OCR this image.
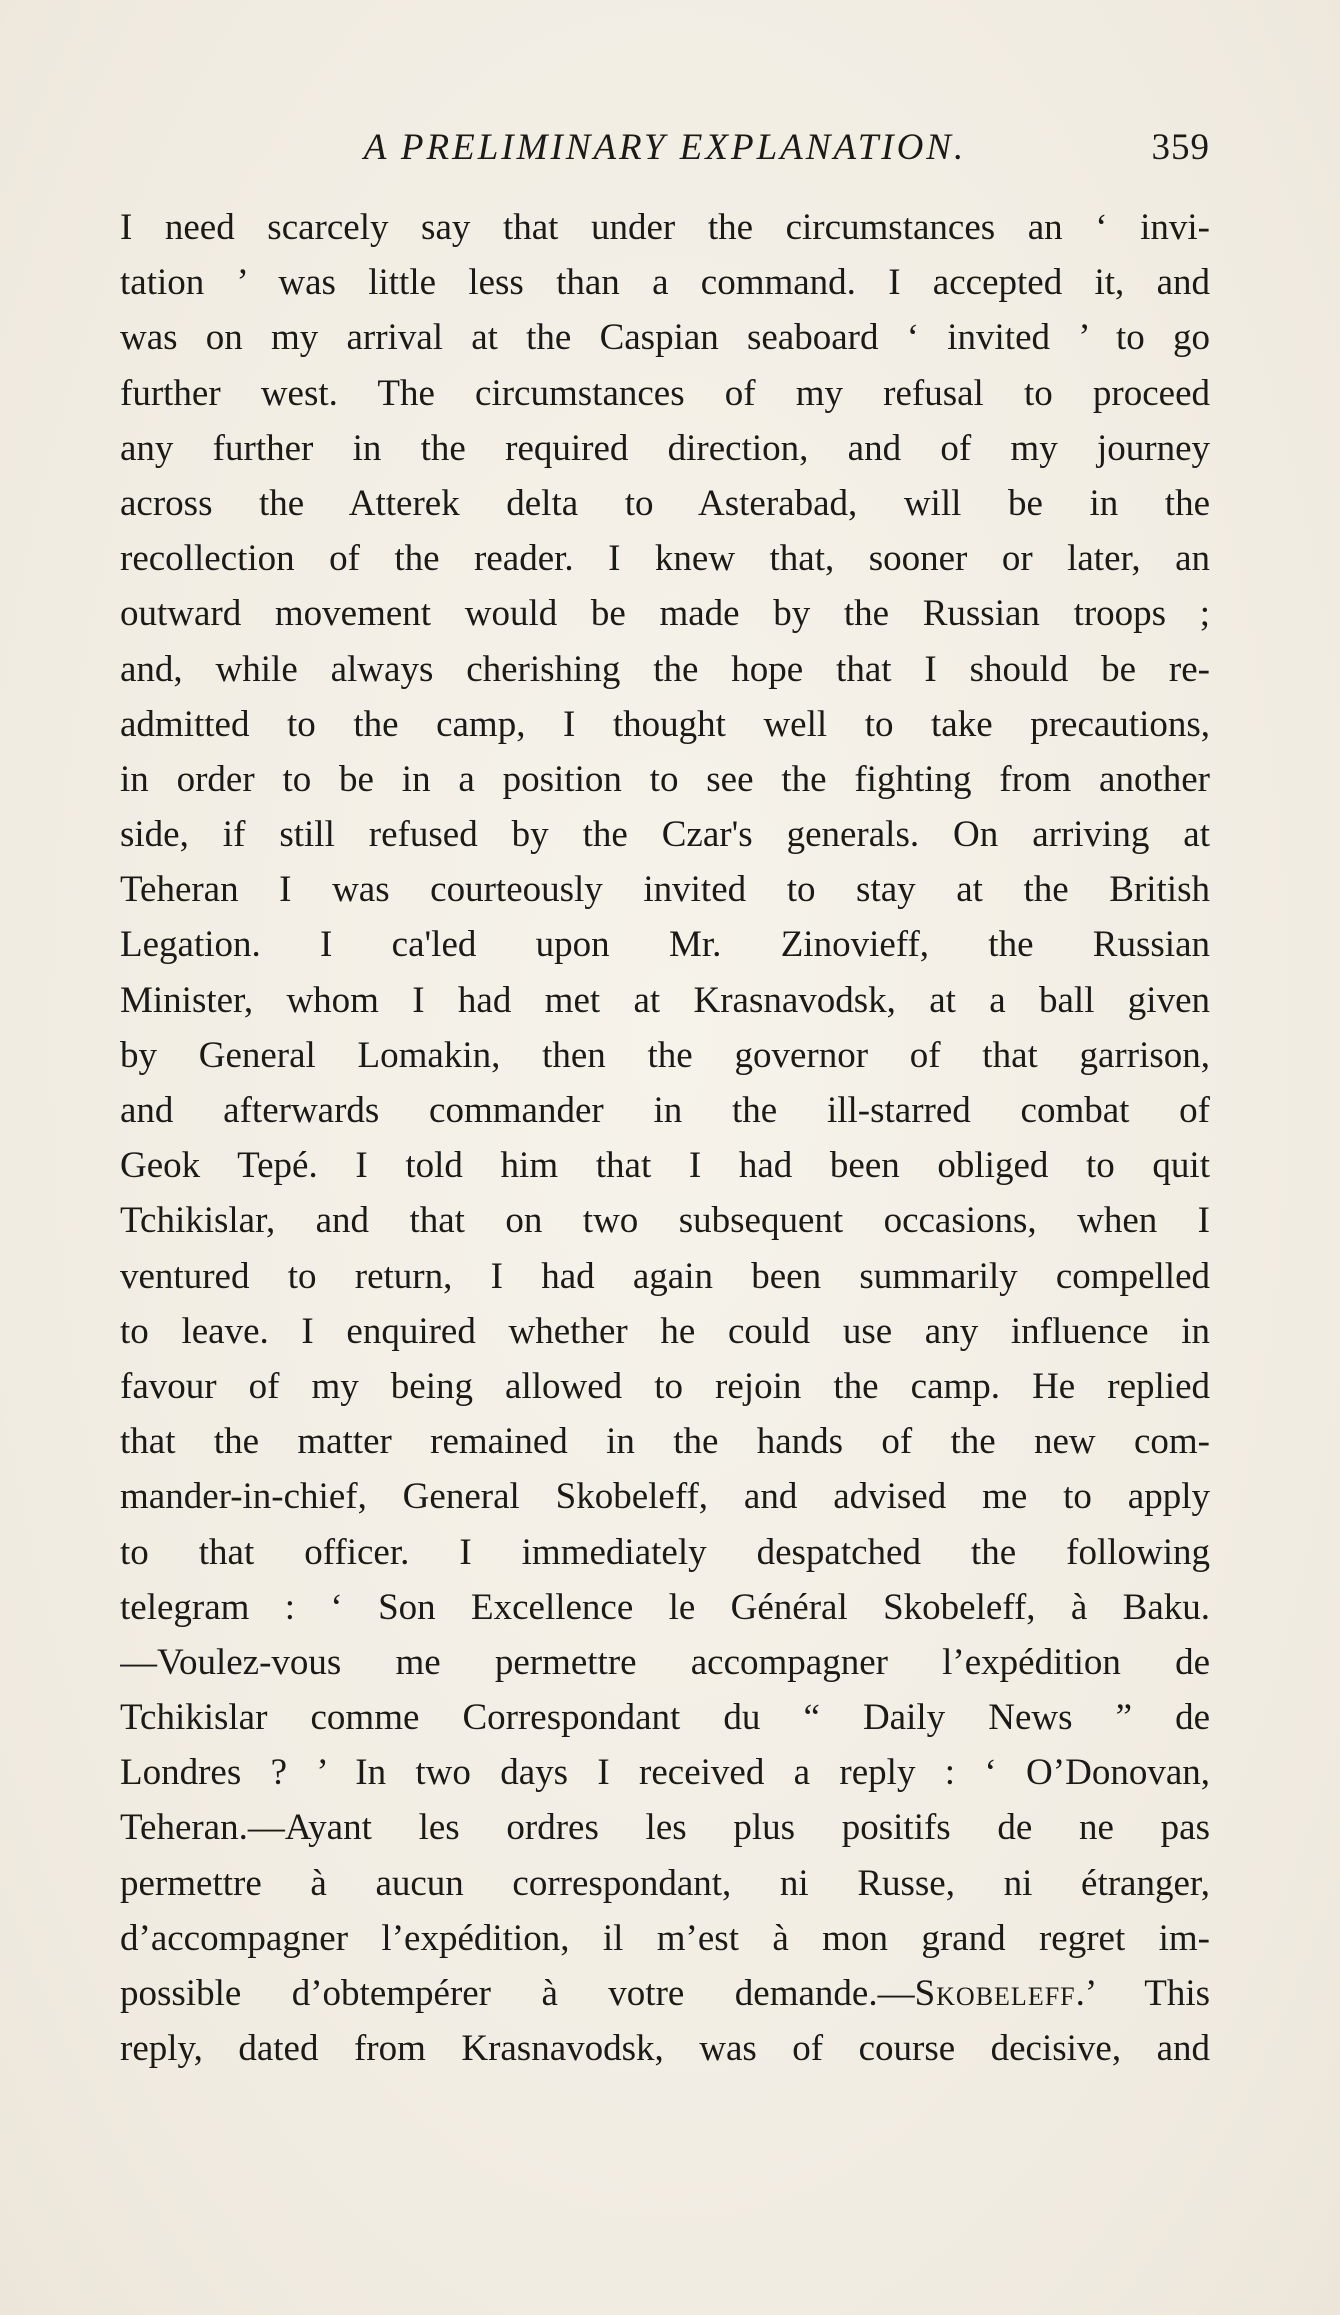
A PRELIMINARY EXPLANATION.	359
I need scarcely say that under the circumstances an ‘ invi-
tation ’ was little less than a command. I accepted it, and
was on my arrival at the Caspian seaboard ‘ invited ’ to go
further west. The circumstances of my refusal to proceed
any further in the required direction, and of my journey
across the Atterek delta to Asterabad, will be in the
recollection of the reader. I knew that, sooner or later, an
outward movement would be made by the Russian troops ;
and, while always cherishing the hope that I should be re-
admitted to the camp, I thought well to take precautions,
in order to be in a position to see the fighting from another
side, if still refused by the Czar's generals. On arriving at
Teheran I was courteously invited to stay at the British
Legation. I ca'led upon Mr. Zinovieff, the Russian
Minister, whom I had met at Krasnavodsk, at a ball given
by General Lomakin, then the governor of that garrison,
and afterwards commander in the ill-starred combat of
Geok Tepé. I told him that I had been obliged to quit
Tchikislar, and that on two subsequent occasions, when I
ventured to return, I had again been summarily compelled
to leave. I enquired whether he could use any influence in
favour of my being allowed to rejoin the camp. He replied
that the matter remained in the hands of the new com-
mander-in-chief, General Skobeleff, and advised me to apply
to that officer. I immediately despatched the following
telegram : ‘ Son Excellence le Général Skobeleff, à Baku.
—Voulez-vous me permettre accompagner l’expédition de
Tchikislar comme Correspondant du “ Daily News ” de
Londres ? ’ In two days I received a reply : ‘ O’Donovan,
Teheran.—Ayant les ordres les plus positifs de ne pas
permettre à aucun correspondant, ni Russe, ni étranger,
d’accompagner l’expédition, il m’est à mon grand regret im-
possible d’obtempérer à votre demande.—Skobeleff.’ This
reply, dated from Krasnavodsk, was of course decisive, and
